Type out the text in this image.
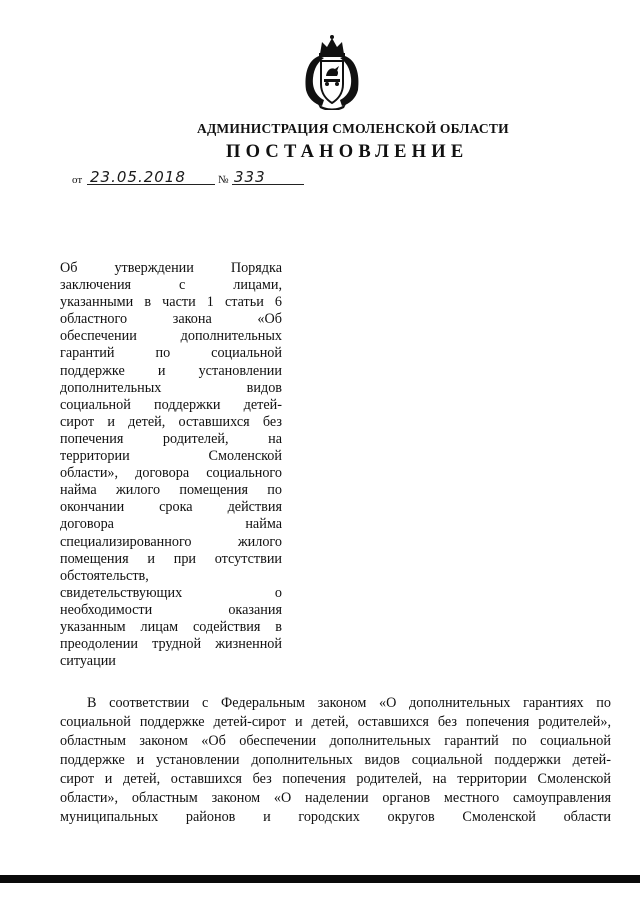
АДМИНИСТРАЦИЯ СМОЛЕНСКОЙ ОБЛАСТИ
ПОСТАНОВЛЕНИЕ
от 23.05.2018	№ 333
Об утверждении Порядка
заключения с лицами,
указанными в части 1 статьи 6
областного закона «Об
обеспечении дополнительных
гарантий по социальной
поддержке и установлении
дополнительных видов
социальной поддержки детей-
сирот и детей, оставшихся без
попечения родителей, на
территории Смоленской
области», договора социального
найма жилого помещения по
окончании срока действия
договора найма
специализированного жилого
помещения и при отсутствии
обстоятельств,
свидетельствующих о
необходимости оказания
указанным лицам содействия в
преодолении трудной жизненной
ситуации
В соответствии с Федеральным законом «О дополнительных гарантиях по
социальной поддержке детей-сирот и детей, оставшихся без попечения родителей»,
областным законом «Об обеспечении дополнительных гарантий по социальной
поддержке и установлении дополнительных видов социальной поддержки детей-
сирот и детей, оставшихся без попечения родителей, на территории Смоленской
области», областным законом «О наделении органов местного самоуправления
муниципальных районов и городских округов Смоленской области
